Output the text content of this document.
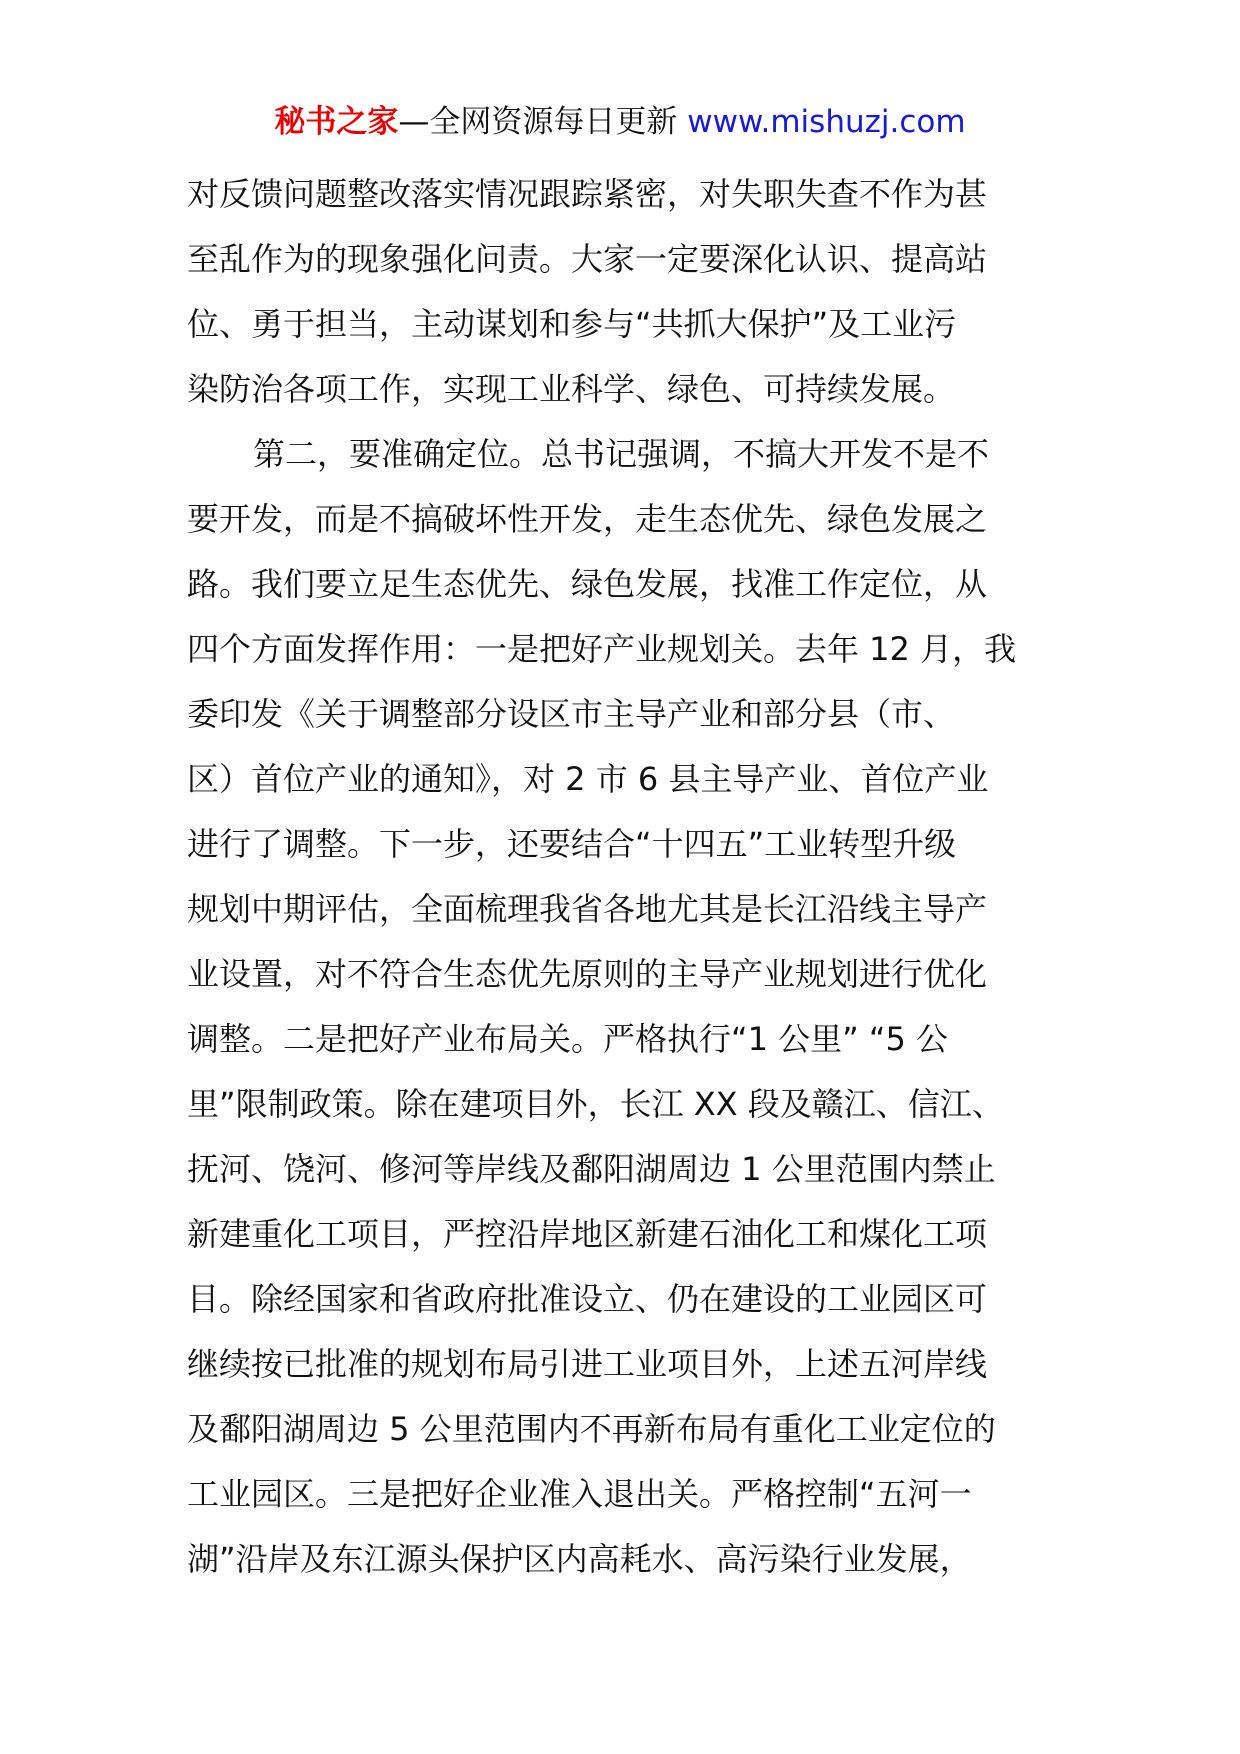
秘书之家—全网资源每日更新 www.mishuzj.com
对反馈问题整改落实情况跟踪紧密，对失职失查不作为甚
至乱作为的现象强化问责。大家一定要深化认识、提高站
位、勇于担当，主动谋划和参与“共抓大保护”及工业污
染防治各项工作，实现工业科学、绿色、可持续发展。
第二，要准确定位。总书记强调，不搞大开发不是不
要开发，而是不搞破坏性开发，走生态优先、绿色发展之
路。我们要立足生态优先、绿色发展，找准工作定位，从
四个方面发挥作用：一是把好产业规划关。去年 12 月，我
委印发《关于调整部分设区市主导产业和部分县（市、
区）首位产业的通知》，对 2 市 6 县主导产业、首位产业
进行了调整。下一步，还要结合“十四五”工业转型升级
规划中期评估，全面梳理我省各地尤其是长江沿线主导产
业设置，对不符合生态优先原则的主导产业规划进行优化
调整。二是把好产业布局关。严格执行“1 公里” “5 公
里”限制政策。除在建项目外，长江 XX 段及赣江、信江、
抚河、饶河、修河等岸线及鄱阳湖周边 1 公里范围内禁止
新建重化工项目，严控沿岸地区新建石油化工和煤化工项
目。除经国家和省政府批准设立、仍在建设的工业园区可
继续按已批准的规划布局引进工业项目外，上述五河岸线
及鄱阳湖周边 5 公里范围内不再新布局有重化工业定位的
工业园区。三是把好企业准入退出关。严格控制“五河一
湖”沿岸及东江源头保护区内高耗水、高污染行业发展，
